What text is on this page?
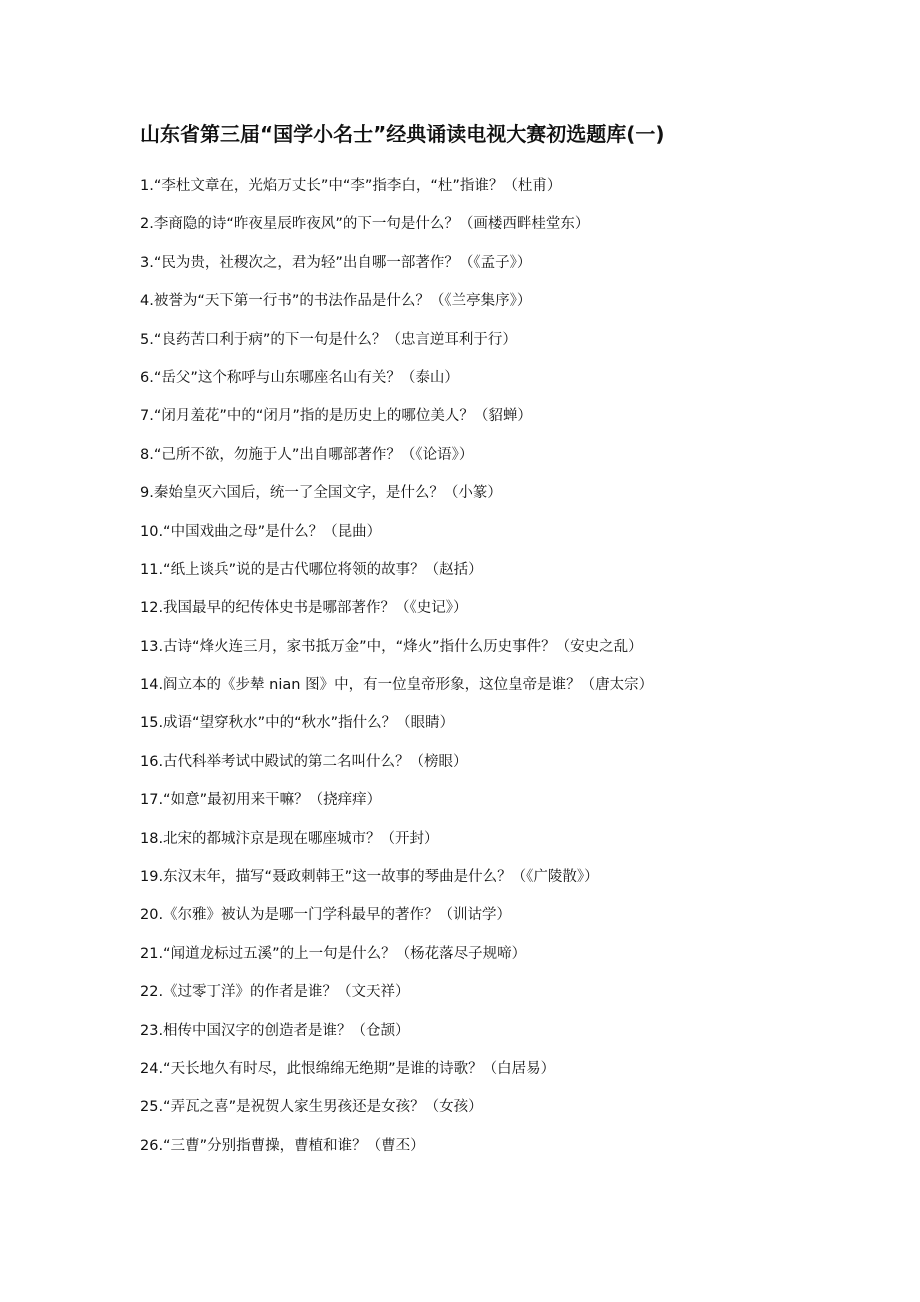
山东省第三届“国学小名士”经典诵读电视大赛初选题库(一)
1.“李杜文章在，光焰万丈长”中“李”指李白，“杜”指谁？（杜甫）
2.李商隐的诗“昨夜星辰昨夜风”的下一句是什么？（画楼西畔桂堂东）
3.“民为贵，社稷次之，君为轻”出自哪一部著作？（《孟子》）
4.被誉为“天下第一行书”的书法作品是什么？（《兰亭集序》）
5.“良药苦口利于病”的下一句是什么？（忠言逆耳利于行）
6.“岳父”这个称呼与山东哪座名山有关？（泰山）
7.“闭月羞花”中的“闭月”指的是历史上的哪位美人？（貂蝉）
8.“己所不欲，勿施于人”出自哪部著作？（《论语》）
9.秦始皇灭六国后，统一了全国文字，是什么？（小篆）
10.“中国戏曲之母”是什么？（昆曲）
11.“纸上谈兵”说的是古代哪位将领的故事？（赵括）
12.我国最早的纪传体史书是哪部著作？（《史记》）
13.古诗“烽火连三月，家书抵万金”中，“烽火”指什么历史事件？（安史之乱）
14.阎立本的《步辇 nian 图》中，有一位皇帝形象，这位皇帝是谁？（唐太宗）
15.成语“望穿秋水”中的“秋水”指什么？（眼睛）
16.古代科举考试中殿试的第二名叫什么？（榜眼）
17.“如意”最初用来干嘛？（挠痒痒）
18.北宋的都城汴京是现在哪座城市？（开封）
19.东汉末年，描写“聂政刺韩王”这一故事的琴曲是什么？（《广陵散》）
20.《尔雅》被认为是哪一门学科最早的著作？（训诂学）
21.“闻道龙标过五溪”的上一句是什么？（杨花落尽子规啼）
22.《过零丁洋》的作者是谁？（文天祥）
23.相传中国汉字的创造者是谁？（仓颉）
24.“天长地久有时尽，此恨绵绵无绝期”是谁的诗歌？（白居易）
25.“弄瓦之喜”是祝贺人家生男孩还是女孩？（女孩）
26.“三曹”分别指曹操，曹植和谁？（曹丕）
